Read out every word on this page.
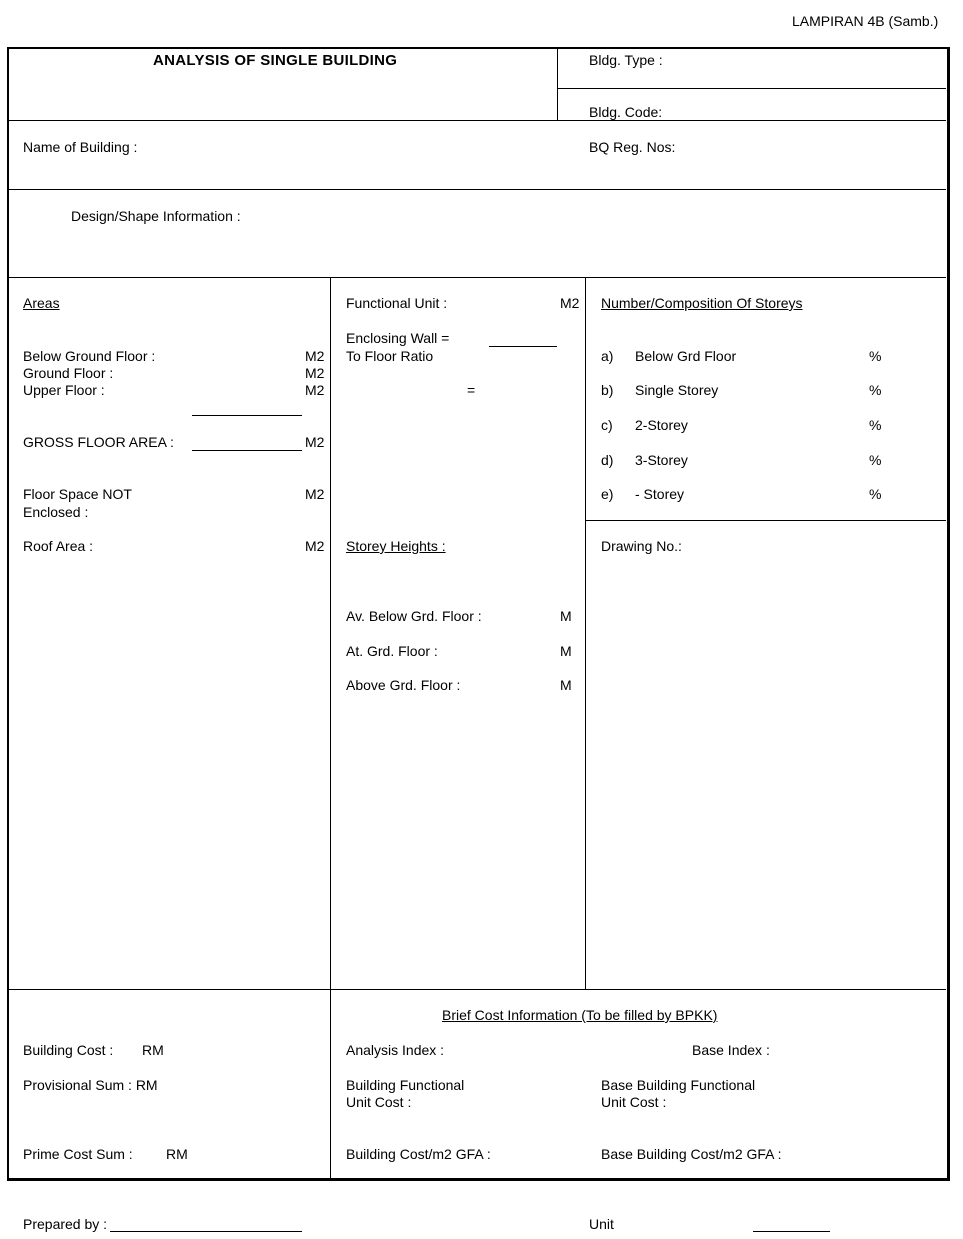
LAMPIRAN 4B (Samb.)
ANALYSIS OF SINGLE BUILDING	Bldg. Type :
Bldg. Code:
Name of Building :	BQ Reg. Nos:
Design/Shape Information :
Areas
Below Ground Floor :	M2
Ground Floor :	M2
Upper Floor :	M2
GROSS FLOOR AREA :	M2
Floor Space NOT
Enclosed :
M2
Roof Area :	M2
Functional Unit :	M2
Enclosing Wall =
To Floor Ratio
=
Storey Heights :
Av. Below Grd. Floor :	M
At. Grd. Floor :	M
Above Grd. Floor :	M
Number/Composition Of Storeys
a) Below Grd Floor	%
b) Single Storey	%
c) 2-Storey	%
d) 3-Storey	%
e) - Storey	%
Drawing No.:
Building Cost : RM
Provisional Sum : RM
Prime Cost Sum : RM
Brief Cost Information (To be filled by BPKK)
Analysis Index :	Base Index :
Building Functional
Unit Cost :
Base Building Functional
Unit Cost :
Building Cost/m2 GFA :	Base Building Cost/m2 GFA :
Prepared by :	Unit
